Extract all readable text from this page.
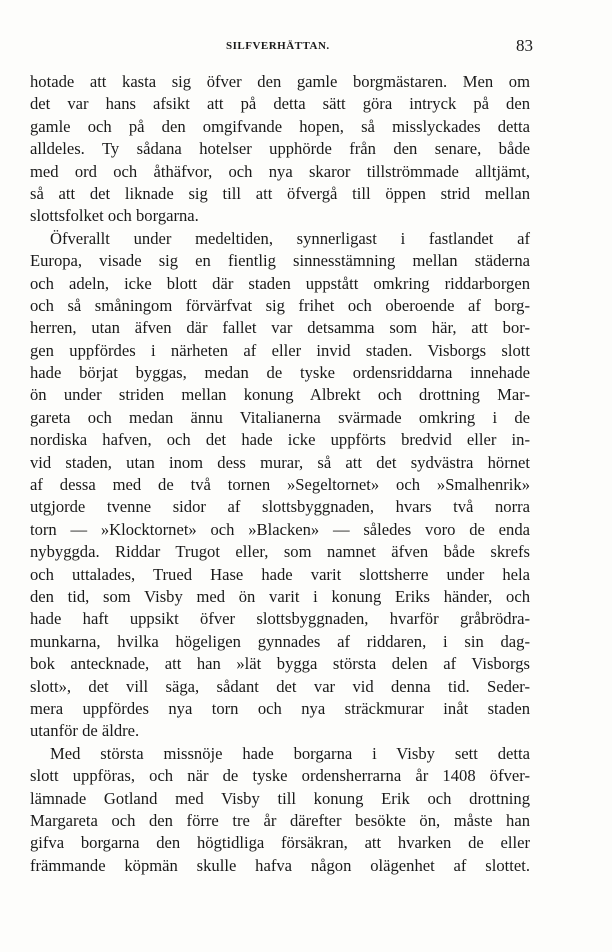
SILFVERHÄTTAN.	83
hotade att kasta sig öfver den gamle borgmästaren. Men om
det var hans afsikt att på detta sätt göra intryck på den
gamle och på den omgifvande hopen, så misslyckades detta
alldeles. Ty sådana hotelser upphörde från den senare, både
med ord och åthäfvor, och nya skaror tillströmmade alltjämt,
så att det liknade sig till att öfvergå till öppen strid mellan
slottsfolket och borgarna.
Öfverallt under medeltiden, synnerligast i fastlandet af
Europa, visade sig en fientlig sinnesstämning mellan städerna
och adeln, icke blott där staden uppstått omkring riddarborgen
och så småningom förvärfvat sig frihet och oberoende af borg-
herren, utan äfven där fallet var detsamma som här, att bor-
gen uppfördes i närheten af eller invid staden. Visborgs slott
hade börjat byggas, medan de tyske ordensriddarna innehade
ön under striden mellan konung Albrekt och drottning Mar-
gareta och medan ännu Vitalianerna svärmade omkring i de
nordiska hafven, och det hade icke uppförts bredvid eller in-
vid staden, utan inom dess murar, så att det sydvästra hörnet
af dessa med de två tornen »Segeltornet» och »Smalhenrik»
utgjorde tvenne sidor af slottsbyggnaden, hvars två norra
torn — »Klocktornet» och »Blacken» — således voro de enda
nybyggda. Riddar Trugot eller, som namnet äfven både skrefs
och uttalades, Trued Hase hade varit slottsherre under hela
den tid, som Visby med ön varit i konung Eriks händer, och
hade haft uppsikt öfver slottsbyggnaden, hvarför gråbrödra-
munkarna, hvilka högeligen gynnades af riddaren, i sin dag-
bok antecknade, att han »lät bygga största delen af Visborgs
slott», det vill säga, sådant det var vid denna tid. Seder-
mera uppfördes nya torn och nya sträckmurar inåt staden
utanför de äldre.
Med största missnöje hade borgarna i Visby sett detta
slott uppföras, och när de tyske ordensherrarna år 1408 öfver-
lämnade Gotland med Visby till konung Erik och drottning
Margareta och den förre tre år därefter besökte ön, måste han
gifva borgarna den högtidliga försäkran, att hvarken de eller
främmande köpmän skulle hafva någon olägenhet af slottet.
